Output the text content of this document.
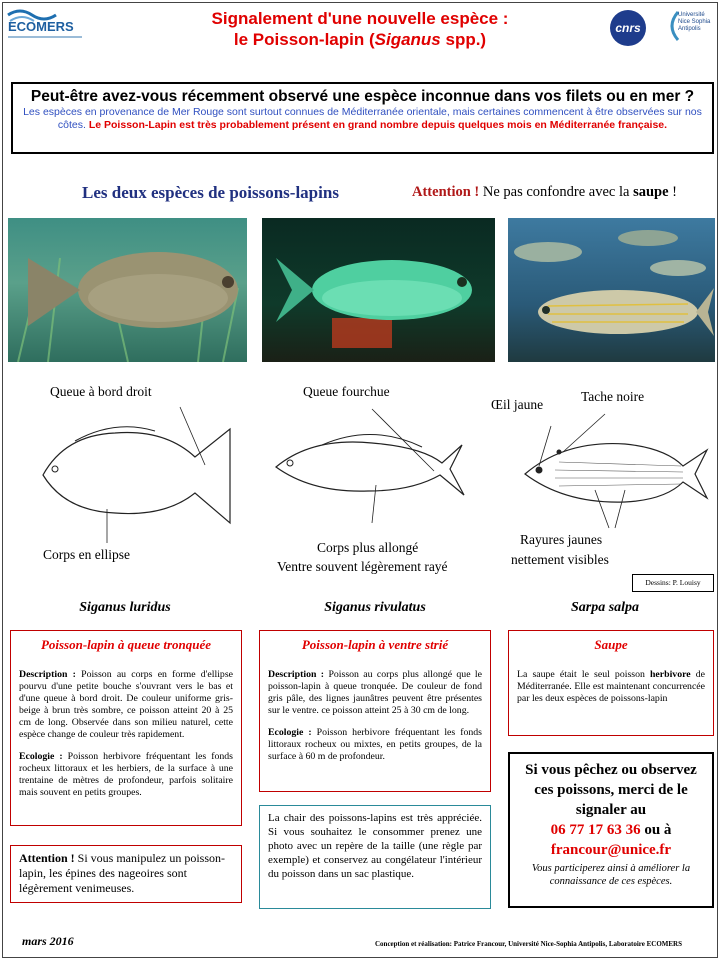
ECOMERS	Signalement d'une nouvelle espèce :
le Poisson-lapin (Siganus spp.)
cnrs
Université Nice Sophia Antipolis
Peut-être avez-vous récemment observé une espèce inconnue dans vos filets ou en mer ?
Les espèces en provenance de Mer Rouge sont surtout connues de Méditerranée orientale, mais certaines commencent à être observées sur nos côtes. Le Poisson-Lapin est très probablement présent en grand nombre depuis quelques mois en Méditerranée française.
Les deux espèces de poissons-lapins	Attention ! Ne pas confondre avec la saupe !
Queue à bord droit
Corps en ellipse
Queue fourchue
Corps plus allongé
Ventre souvent légèrement rayé
Œil jaune
Tache noire
Rayures jaunes
nettement visibles
Dessins: P. Louisy
Siganus luridus	Siganus rivulatus	Sarpa salpa
Poisson-lapin à queue tronquée

Description : Poisson au corps en forme d'ellipse pourvu d'une petite bouche s'ouvrant vers le bas et d'une queue à bord droit. De couleur uniforme gris-beige à brun très sombre, ce poisson atteint 20 à 25 cm de long. Observée dans son milieu naturel, cette espèce change de couleur très rapidement.

Ecologie : Poisson herbivore fréquentant les fonds rocheux littoraux et les herbiers, de la surface à une trentaine de mètres de profondeur, parfois solitaire mais souvent en petits groupes.

Poisson-lapin à ventre strié

Description : Poisson au corps plus allongé que le poisson-lapin à queue tronquée. De couleur de fond gris pâle, des lignes jaunâtres peuvent être présentes sur le ventre. ce poisson atteint 25 à 30 cm de long.

Ecologie : Poisson herbivore fréquentant les fonds littoraux rocheux ou mixtes, en petits groupes, de la surface à 60 m de profondeur.

Saupe

La saupe était le seul poisson herbivore de Méditerranée. Elle est maintenant concurrencée par les deux espèces de poissons-lapin

Attention ! Si vous manipulez un poisson-lapin, les épines des nageoires sont légèrement venimeuses.

La chair des poissons-lapins est très appréciée. Si vous souhaitez le consommer prenez une photo avec un repère de la taille (une règle par exemple) et conservez au congélateur l'intérieur du poisson dans un sac plastique.

Si vous pêchez ou observez ces poissons, merci de le signaler au
06 77 17 63 36 ou à
francour@unice.fr
Vous participerez ainsi à améliorer la connaissance de ces espèces.
mars 2016	Conception et réalisation: Patrice Francour, Université Nice-Sophia Antipolis, Laboratoire ECOMERS
